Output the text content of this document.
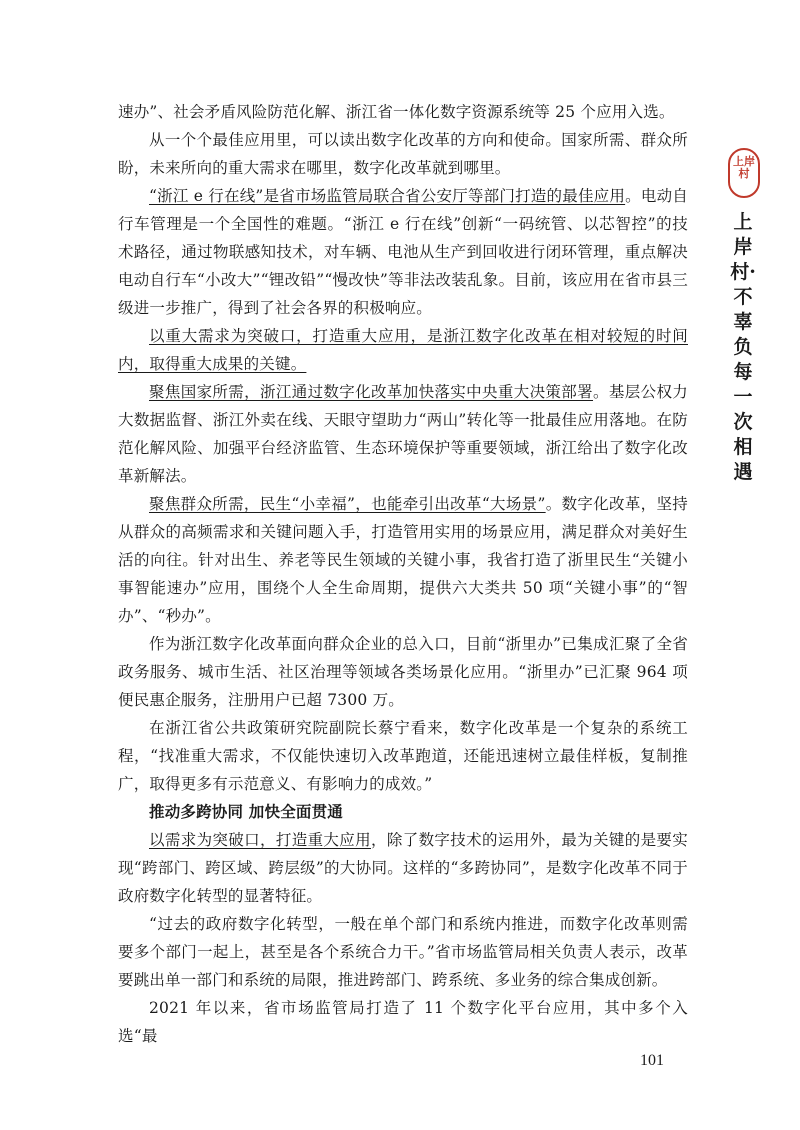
上岸村
上岸村·不辜负每一次相遇

速办”、社会矛盾风险防范化解、浙江省一体化数字资源系统等 25 个应用入选。

从一个个最佳应用里，可以读出数字化改革的方向和使命。国家所需、群众所盼，未来所向的重大需求在哪里，数字化改革就到哪里。

“浙江 e 行在线”是省市场监管局联合省公安厅等部门打造的最佳应用。电动自行车管理是一个全国性的难题。“浙江 e 行在线”创新“一码统管、以芯智控”的技术路径，通过物联感知技术，对车辆、电池从生产到回收进行闭环管理，重点解决电动自行车“小改大”“锂改铅”“慢改快”等非法改装乱象。目前，该应用在省市县三级进一步推广，得到了社会各界的积极响应。

以重大需求为突破口，打造重大应用，是浙江数字化改革在相对较短的时间内，取得重大成果的关键。

聚焦国家所需，浙江通过数字化改革加快落实中央重大决策部署。基层公权力大数据监督、浙江外卖在线、天眼守望助力“两山”转化等一批最佳应用落地。在防范化解风险、加强平台经济监管、生态环境保护等重要领域，浙江给出了数字化改革新解法。

聚焦群众所需，民生“小幸福”，也能牵引出改革“大场景”。数字化改革，坚持从群众的高频需求和关键问题入手，打造管用实用的场景应用，满足群众对美好生活的向往。针对出生、养老等民生领域的关键小事，我省打造了浙里民生“关键小事智能速办”应用，围绕个人全生命周期，提供六大类共 50 项“关键小事”的“智办”、“秒办”。

作为浙江数字化改革面向群众企业的总入口，目前“浙里办”已集成汇聚了全省政务服务、城市生活、社区治理等领域各类场景化应用。“浙里办”已汇聚 964 项便民惠企服务，注册用户已超 7300 万。

在浙江省公共政策研究院副院长蔡宁看来，数字化改革是一个复杂的系统工程，“找准重大需求，不仅能快速切入改革跑道，还能迅速树立最佳样板，复制推广，取得更多有示范意义、有影响力的成效。”

推动多跨协同 加快全面贯通

以需求为突破口，打造重大应用，除了数字技术的运用外，最为关键的是要实现“跨部门、跨区域、跨层级”的大协同。这样的“多跨协同”，是数字化改革不同于政府数字化转型的显著特征。

“过去的政府数字化转型，一般在单个部门和系统内推进，而数字化改革则需要多个部门一起上，甚至是各个系统合力干。”省市场监管局相关负责人表示，改革要跳出单一部门和系统的局限，推进跨部门、跨系统、多业务的综合集成创新。

2021 年以来，省市场监管局打造了 11 个数字化平台应用，其中多个入选“最

101
